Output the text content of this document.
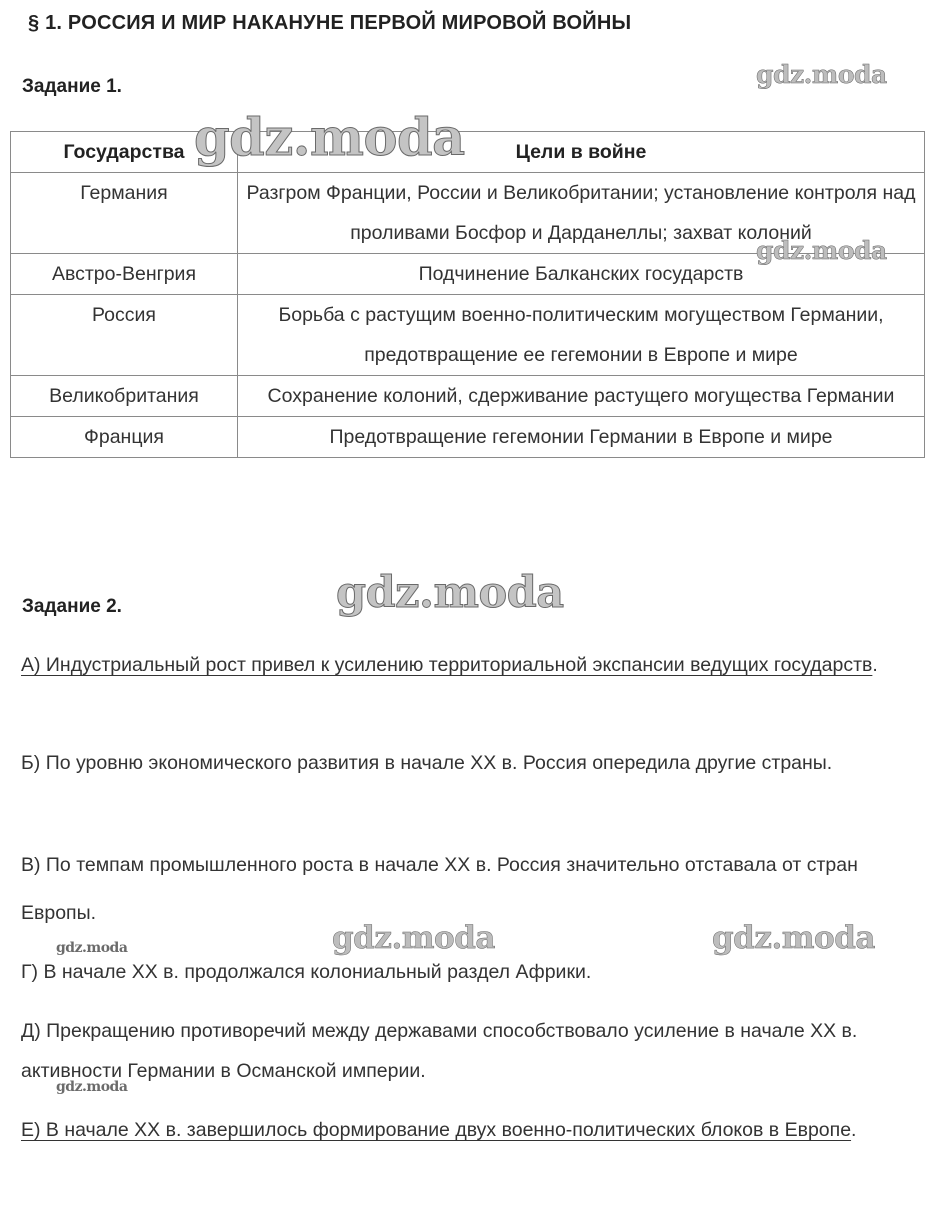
§ 1. РОССИЯ И МИР НАКАНУНЕ ПЕРВОЙ МИРОВОЙ ВОЙНЫ
Задание 1.
Государства	Цели в войне
Германия	Разгром Франции, России и Великобритании; установление контроля над проливами Босфор и Дарданеллы; захват колоний
Австро-Венгрия	Подчинение Балканских государств
Россия	Борьба с растущим военно-политическим могуществом Германии, предотвращение ее гегемонии в Европе и мире
Великобритания	Сохранение колоний, сдерживание растущего могущества Германии
Франция	Предотвращение гегемонии Германии в Европе и мире
Задание 2.

А) Индустриальный рост привел к усилению территориальной экспансии ведущих государств.

Б) По уровню экономического развития в начале XX в. Россия опередила другие страны.

В) По темпам промышленного роста в начале XX в. Россия значительно отставала от стран Европы.

Г) В начале XX в. продолжался колониальный раздел Африки.

Д) Прекращению противоречий между державами способствовало усиление в начале XX в. активности Германии в Османской империи.

Е) В начале XX в. завершилось формирование двух военно-политических блоков в Европе.

gdz.moda
gdz.moda
gdz.moda
gdz.moda
gdz.moda	gdz.moda	gdz.moda
gdz.moda
